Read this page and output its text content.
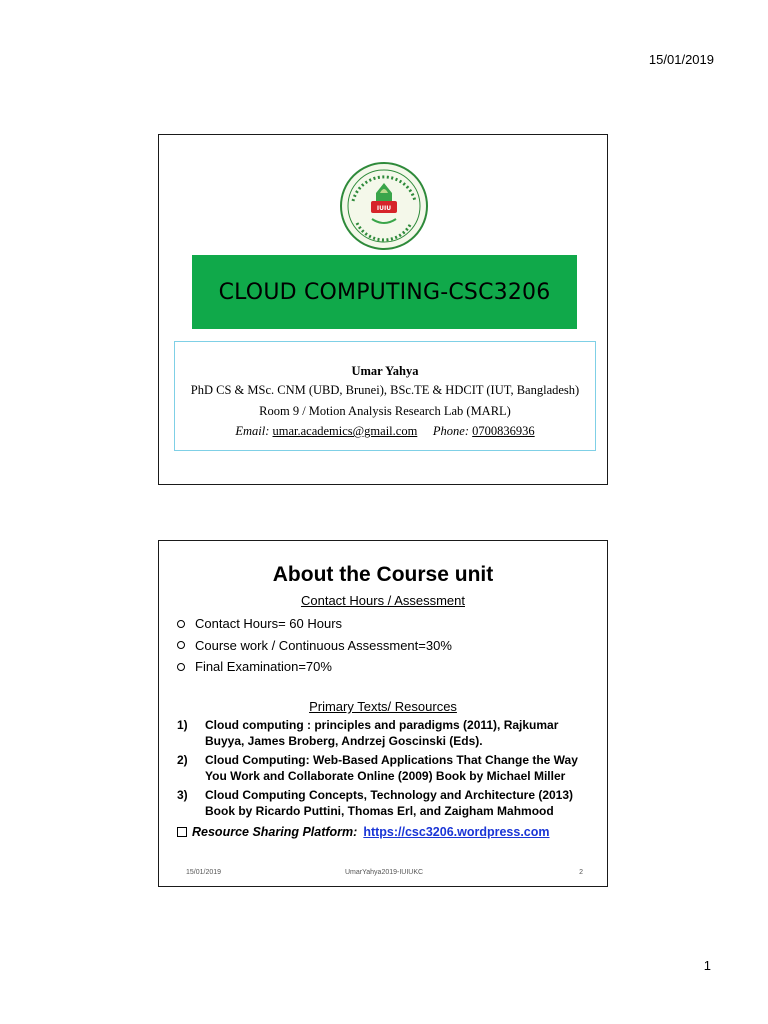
15/01/2019
IUIU
CLOUD COMPUTING-CSC3206
Umar Yahya
PhD CS & MSc. CNM (UBD, Brunei), BSc.TE & HDCIT (IUT, Bangladesh)
Room 9 / Motion Analysis Research Lab (MARL)
Email: umar.academics@gmail.com Phone: 0700836936
About the Course unit
Contact Hours / Assessment
Contact Hours= 60 Hours
Course work / Continuous Assessment=30%
Final Examination=70%
Primary Texts/ Resources
1)	Cloud computing : principles and paradigms (2011), Rajkumar Buyya, James Broberg, Andrzej Goscinski (Eds).
2)	Cloud Computing: Web-Based Applications That Change the Way You Work and Collaborate Online (2009) Book by Michael Miller
3)	Cloud Computing Concepts, Technology and Architecture (2013) Book by Ricardo Puttini, Thomas Erl, and Zaigham Mahmood
Resource Sharing Platform: https://csc3206.wordpress.com
15/01/2019	UmarYahya2019-IUIUKC	2
1
